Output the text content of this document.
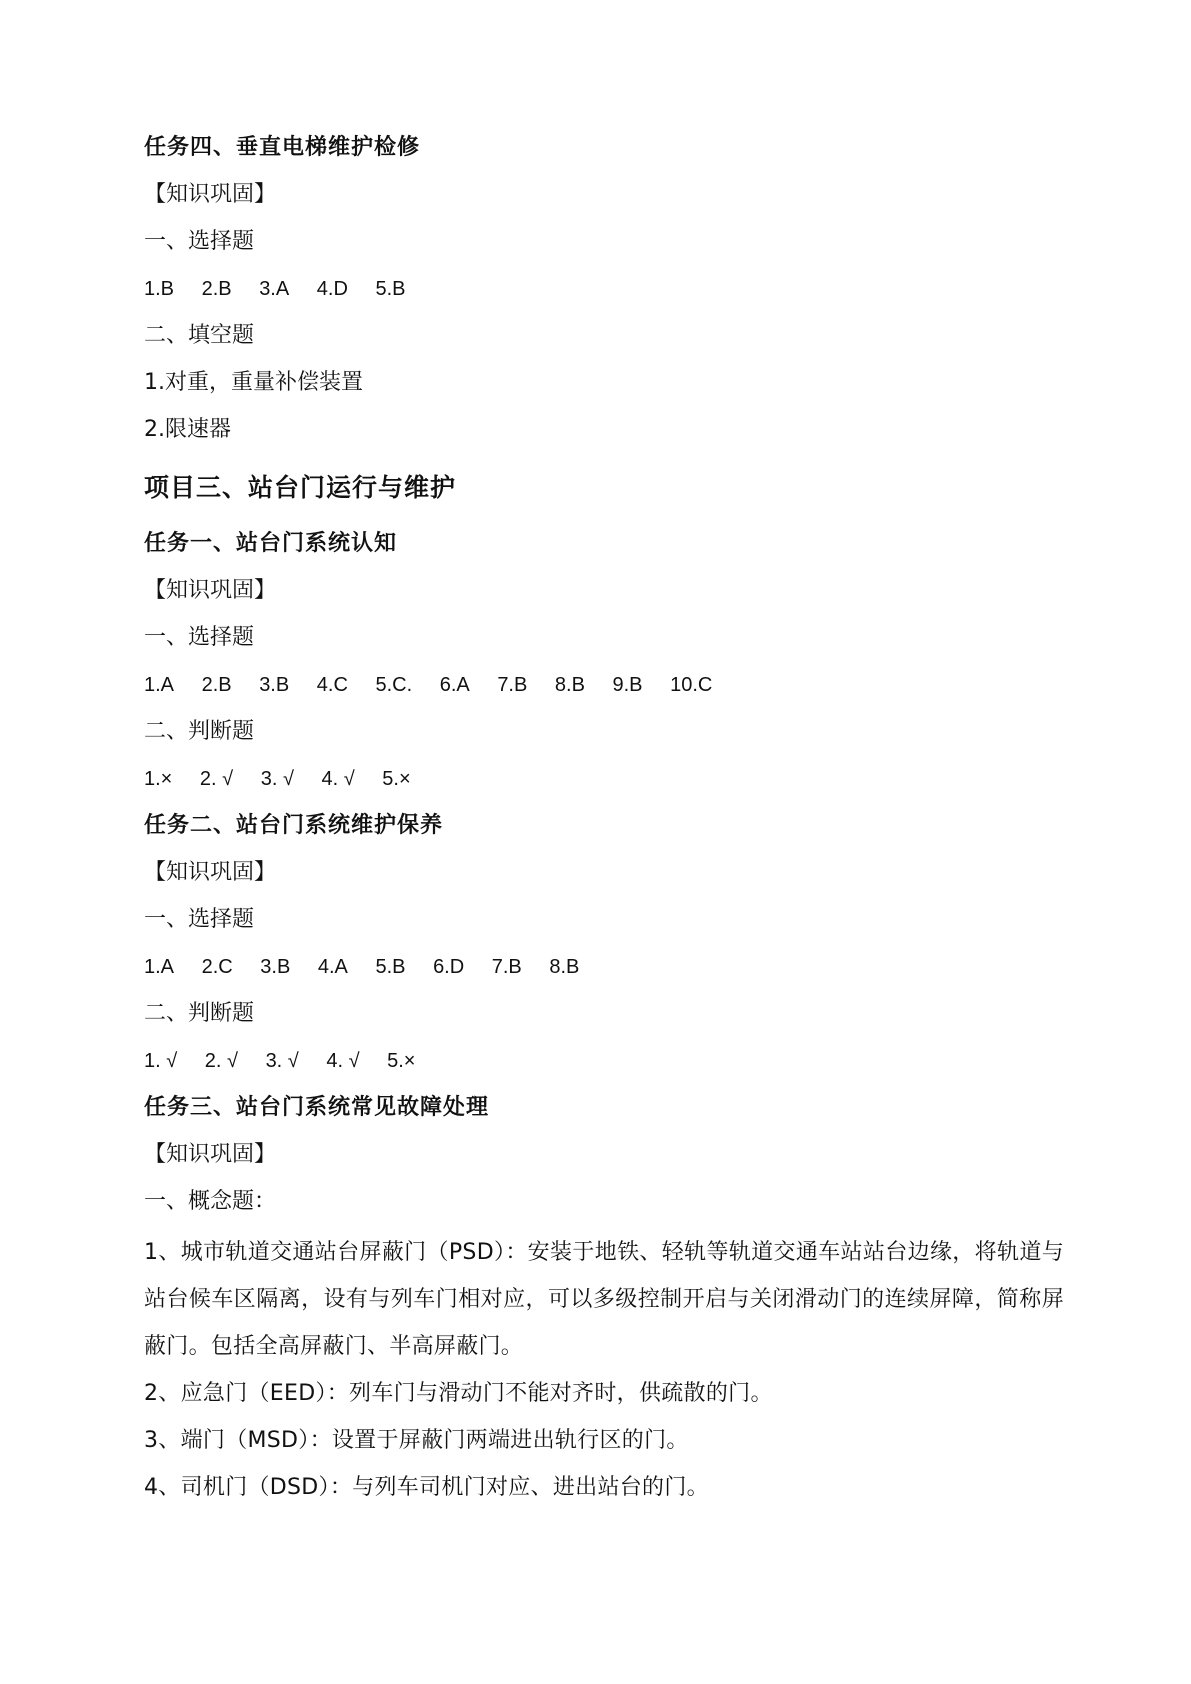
任务四、垂直电梯维护检修
【知识巩固】
一、选择题
1.B 2.B 3.A 4.D 5.B
二、填空题
1.对重，重量补偿装置
2.限速器
项目三、站台门运行与维护
任务一、站台门系统认知
【知识巩固】
一、选择题
1.A 2.B 3.B 4.C 5.C. 6.A 7.B 8.B 9.B 10.C
二、判断题
1.× 2. √ 3. √ 4. √ 5.×
任务二、站台门系统维护保养
【知识巩固】
一、选择题
1.A 2.C 3.B 4.A 5.B 6.D 7.B 8.B
二、判断题
1. √ 2. √ 3. √ 4. √ 5.×
任务三、站台门系统常见故障处理
【知识巩固】
一、概念题：
1、城市轨道交通站台屏蔽门（PSD）：安装于地铁、轻轨等轨道交通车站站台边缘，将轨道与站台候车区隔离，设有与列车门相对应，可以多级控制开启与关闭滑动门的连续屏障，简称屏蔽门。包括全高屏蔽门、半高屏蔽门。
2、应急门（EED）：列车门与滑动门不能对齐时，供疏散的门。
3、端门（MSD）：设置于屏蔽门两端进出轨行区的门。
4、司机门（DSD）：与列车司机门对应、进出站台的门。
